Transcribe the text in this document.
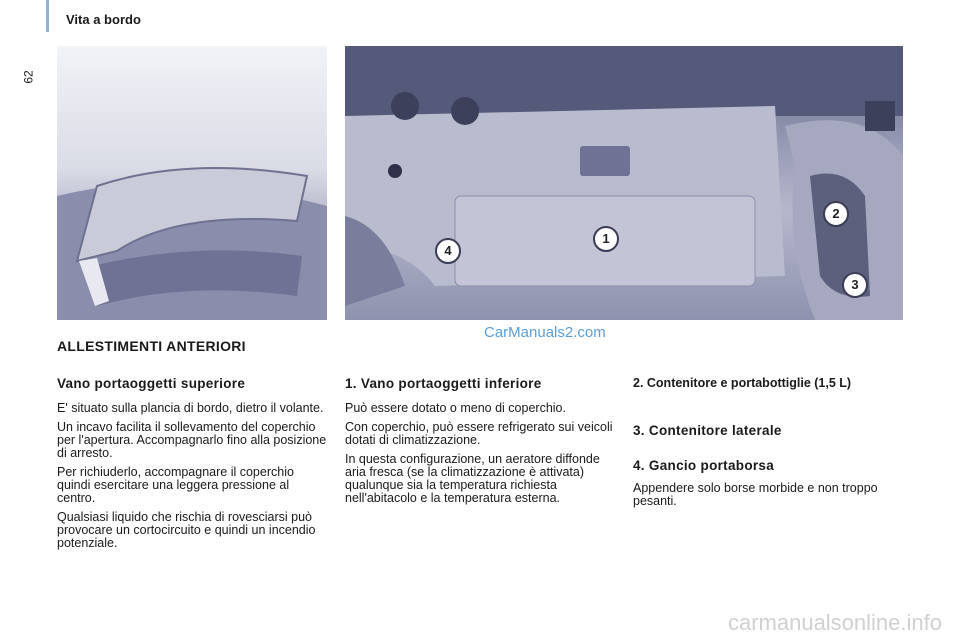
Vita a bordo
62
1
2
3
4
CarManuals2.com
ALLESTIMENTI ANTERIORI
Vano portaoggetti superiore

E' situato sulla plancia di bordo, dietro il volante.

Un incavo facilita il sollevamento del coperchio per l'apertura. Accompagnarlo fino alla posizione di arresto.

Per richiuderlo, accompagnare il coperchio quindi esercitare una leggera pressione al centro.

Qualsiasi liquido che rischia di rovesciarsi può provocare un cortocircuito e quindi un incendio potenziale.

1. Vano portaoggetti inferiore

Può essere dotato o meno di coperchio.

Con coperchio, può essere refrigerato sui veicoli dotati di climatizzazione.

In questa configurazione, un aeratore diffonde aria fresca (se la climatizzazione è attivata) qualunque sia la temperatura richiesta nell'abitacolo e la temperatura esterna.

2. Contenitore e portabottiglie (1,5 L)
3. Contenitore laterale
4. Gancio portaborsa

Appendere solo borse morbide e non troppo pesanti.

carmanualsonline.info
